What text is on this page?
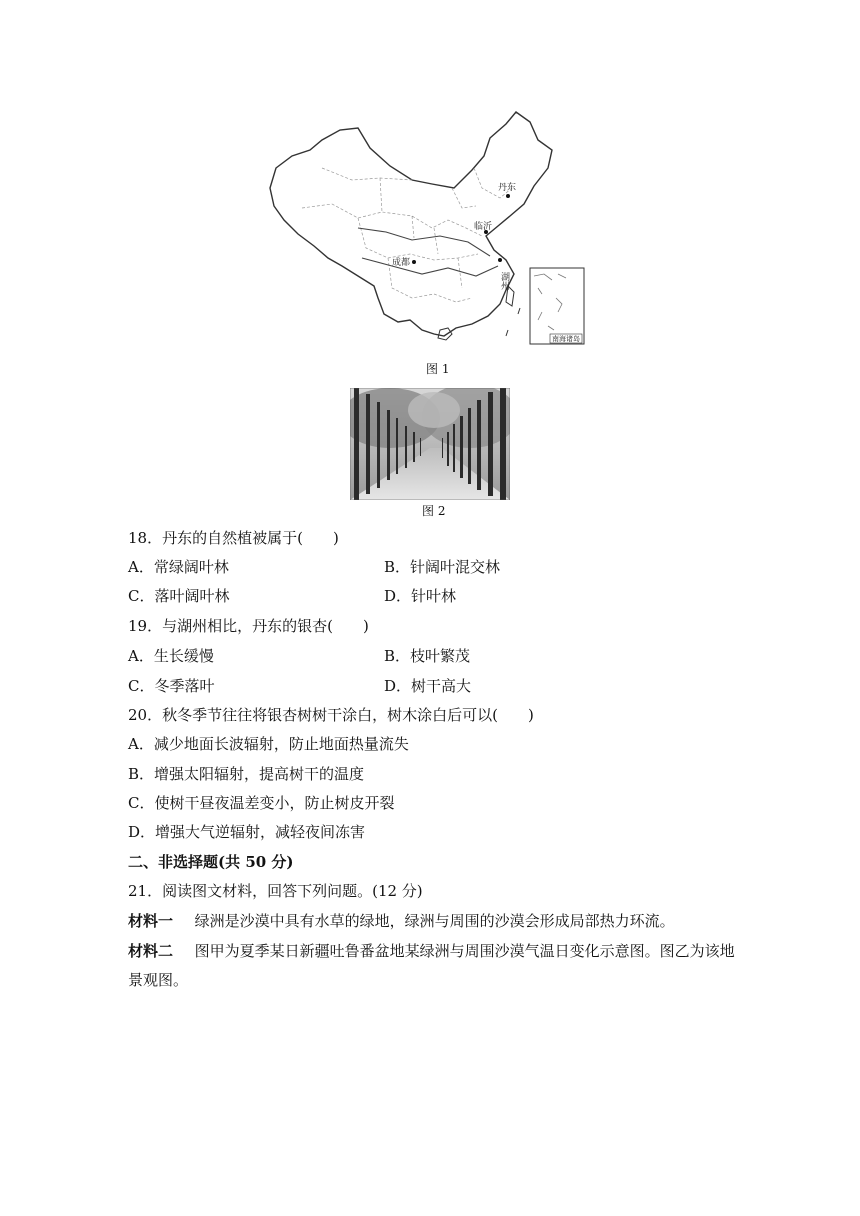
丹东
临沂
成都
湖州
南海诸岛
图 1
图 2
18．丹东的自然植被属于(　　)
A．常绿阔叶林	B．针阔叶混交林
C．落叶阔叶林	D．针叶林
19．与湖州相比，丹东的银杏(　　)
A．生长缓慢	B．枝叶繁茂
C．冬季落叶	D．树干高大
20．秋冬季节往往将银杏树树干涂白，树木涂白后可以(　　)
A．减少地面长波辐射，防止地面热量流失
B．增强太阳辐射，提高树干的温度
C．使树干昼夜温差变小，防止树皮开裂
D．增强大气逆辐射，减轻夜间冻害
二、非选择题(共 50 分)
21．阅读图文材料，回答下列问题。(12 分)
材料一 绿洲是沙漠中具有水草的绿地，绿洲与周围的沙漠会形成局部热力环流。
材料二 图甲为夏季某日新疆吐鲁番盆地某绿洲与周围沙漠气温日变化示意图。图乙为该地
景观图。
